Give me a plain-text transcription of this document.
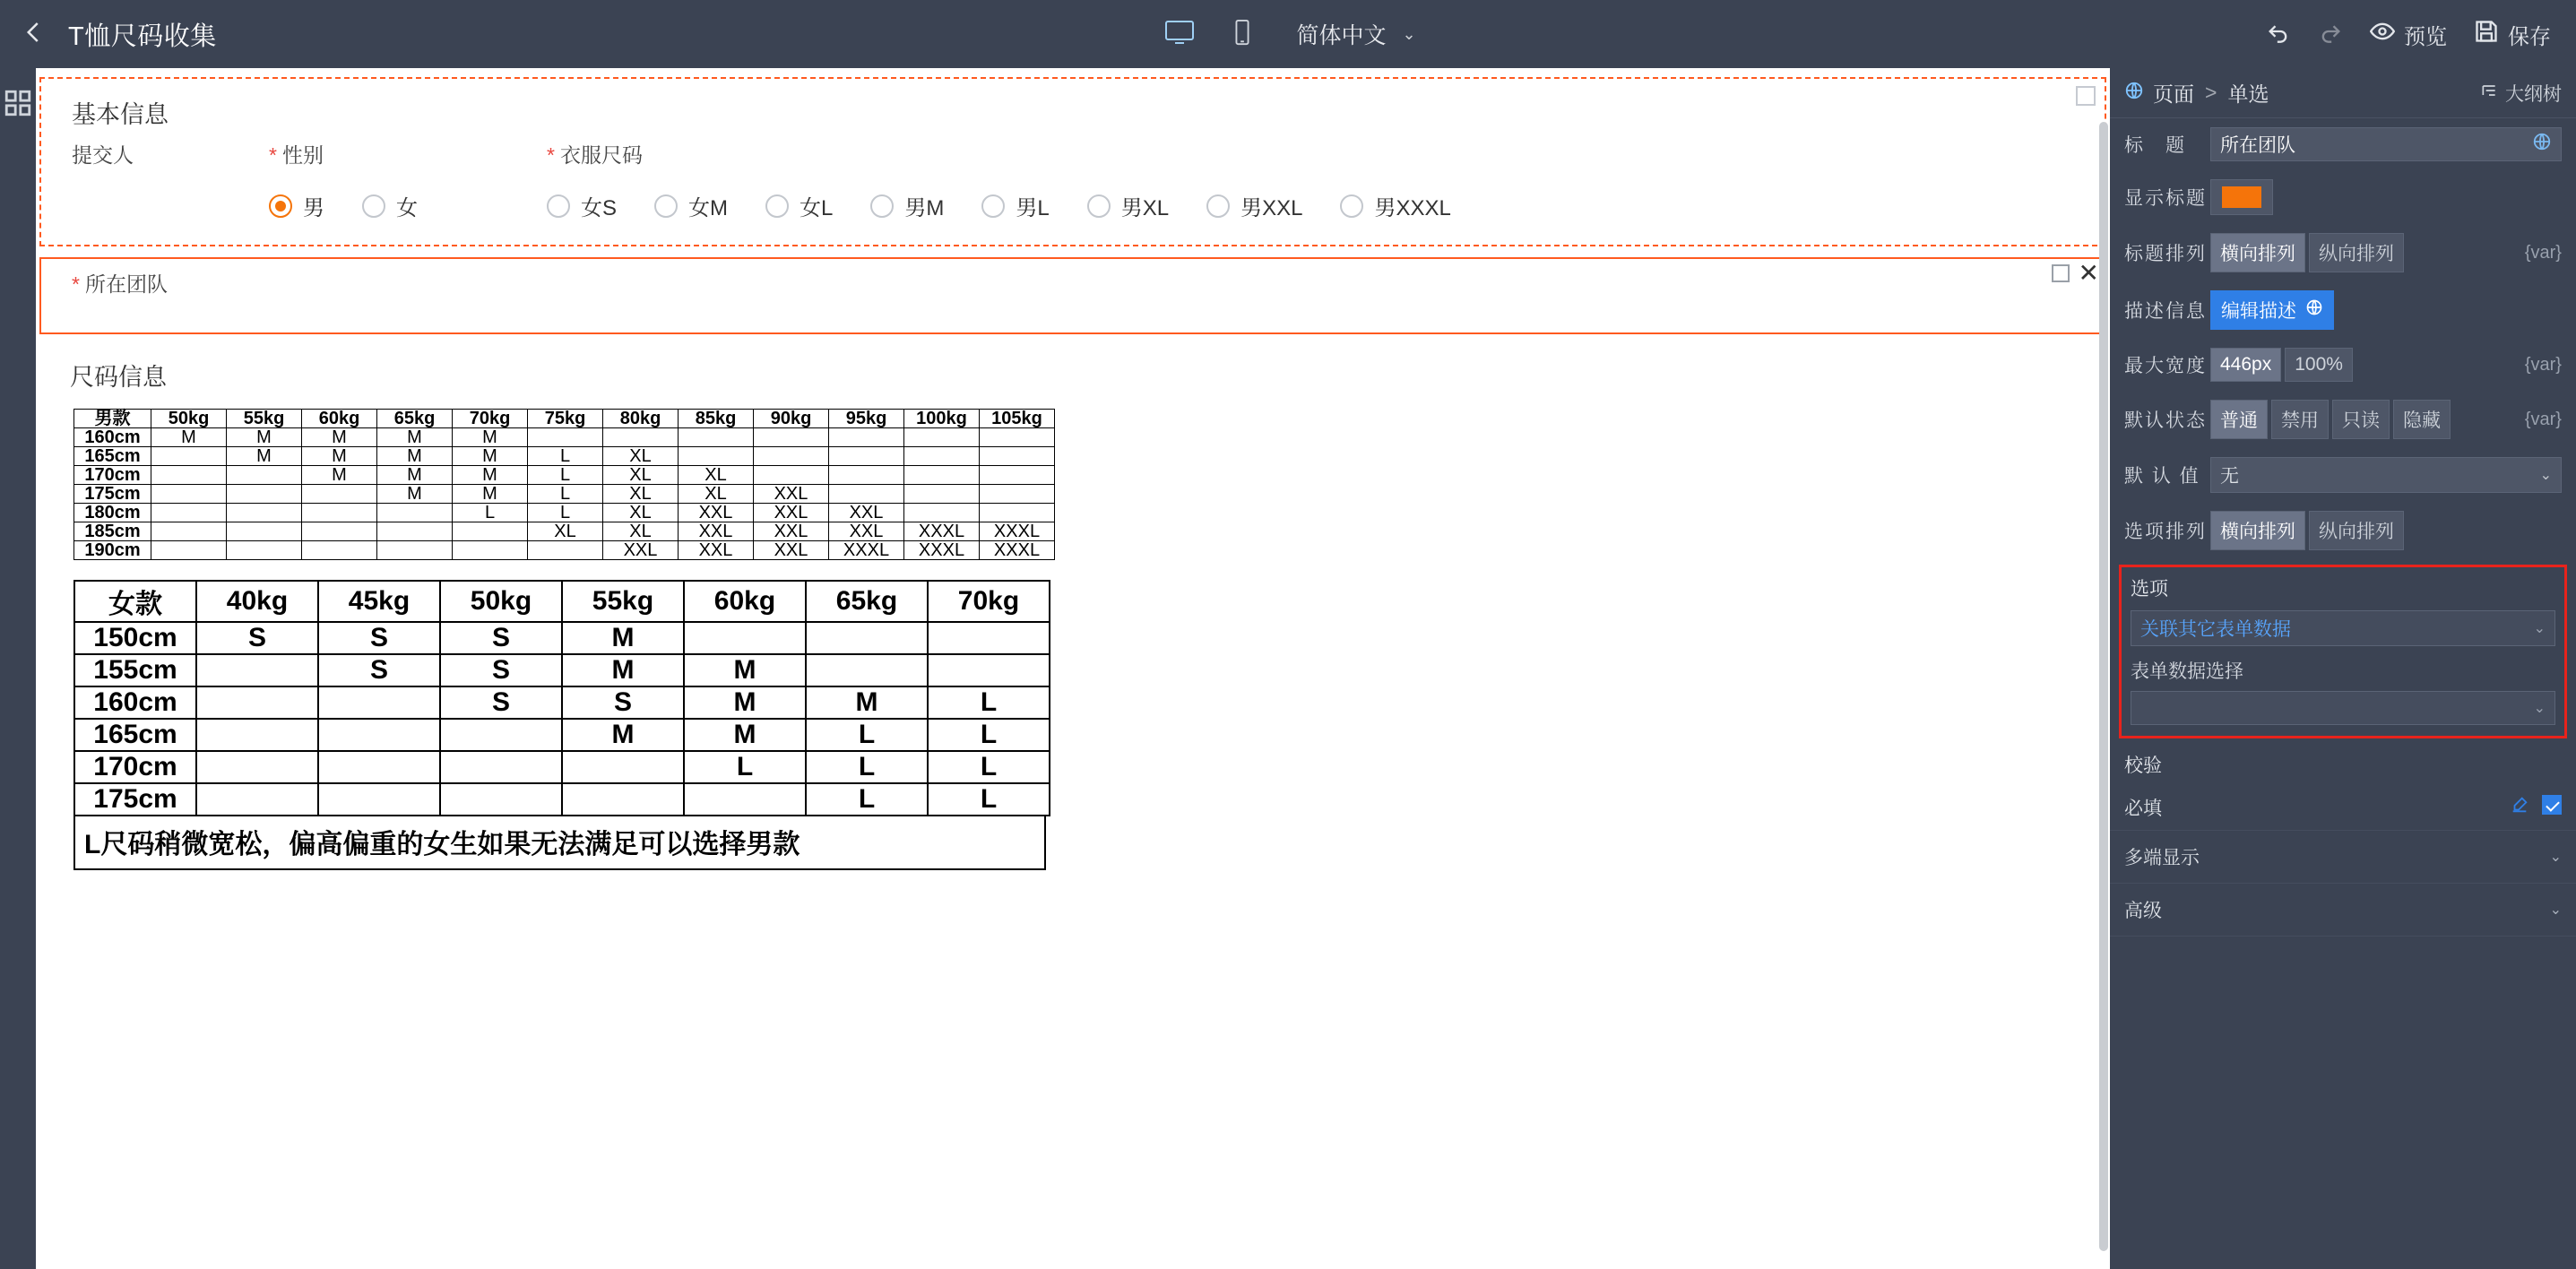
T恤尺码收集	简体中文 ⌄	预览	保存
基本信息
提交人	* 性别
男	女
* 衣服尺码
女S	女M	女L	男M	男L	男XL	男XXL	男XXXL
* 所在团队	✕
尺码信息
男款	50kg	55kg	60kg	65kg	70kg	75kg	80kg	85kg	90kg	95kg	100kg	105kg
160cm	M	M	M	M	M							
165cm		M	M	M	M	L	XL					
170cm			M	M	M	L	XL	XL				
175cm				M	M	L	XL	XL	XXL			
180cm					L	L	XL	XXL	XXL	XXL		
185cm						XL	XL	XXL	XXL	XXL	XXXL	XXXL
190cm							XXL	XXL	XXL	XXXL	XXXL	XXXL
女款	40kg	45kg	50kg	55kg	60kg	65kg	70kg
150cm	S	S	S	M			
155cm		S	S	M	M		
160cm			S	S	M	M	L
165cm				M	M	L	L
170cm					L	L	L
175cm						L	L
L尺码稍微宽松，偏高偏重的女生如果无法满足可以选择男款
页面 > 单选	大纲树
标　题	所在团队
显示标题
标题排列 横向排列	纵向排列	{var}
描述信息 编辑描述
最大宽度 446px	100%	{var}
默认状态 普通	禁用	只读	隐藏	{var}
默 认 值	无	⌄
选项排列 横向排列	纵向排列
选项
关联其它表单数据	⌄
表单数据选择
⌄
校验
必填
多端显示	⌄
高级	⌄
